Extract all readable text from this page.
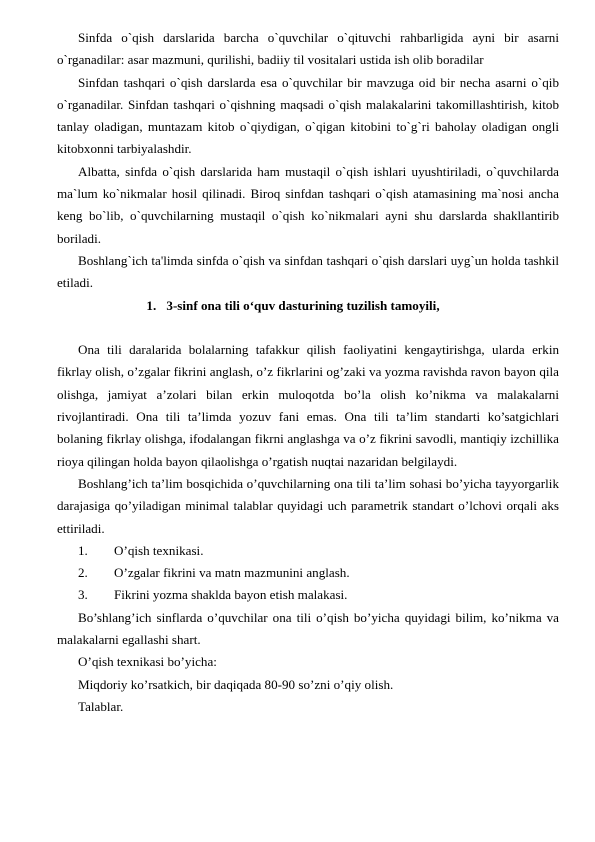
Sinfda o`qish darslarida barcha o`quvchilar o`qituvchi rahbarligida ayni bir asarni o`rganadilar: asar mazmuni, qurilishi, badiiy til vositalari ustida ish olib boradilar

Sinfdan tashqari o`qish darslarda esa o`quvchilar bir mavzuga oid bir necha asarni o`qib o`rganadilar. Sinfdan tashqari o`qishning maqsadi o`qish malakalarini takomillashtirish, kitob tanlay oladigan, muntazam kitob o`qiydigan, o`qigan kitobini to`g`ri baholay oladigan ongli kitobxonni tarbiyalashdir.

Albatta, sinfda o`qish darslarida ham mustaqil o`qish ishlari uyushtiriladi, o`quvchilarda ma`lum ko`nikmalar hosil qilinadi. Biroq sinfdan tashqari o`qish atamasining ma`nosi ancha keng bo`lib, o`quvchilarning mustaqil o`qish ko`nikmalari ayni shu darslarda shakllantirib boriladi.

Boshlang`ich ta'limda sinfda o`qish va sinfdan tashqari o`qish darslari uyg`un holda tashkil etiladi.

1. 3-sinf ona tili o‘quv dasturining tuzilish tamoyili,

Ona tili daralarida bolalarning tafakkur qilish faoliyatini kengaytirishga, ularda erkin fikrlay olish, o’zgalar fikrini anglash, o’z fikrlarini og’zaki va yozma ravishda ravon bayon qila olishga, jamiyat a’zolari bilan erkin muloqotda bo’la olish ko’nikma va malakalarni rivojlantiradi. Ona tili ta’limda yozuv fani emas. Ona tili ta’lim standarti ko’satgichlari bolaning fikrlay olishga, ifodalangan fikrni anglashga va o’z fikrini savodli, mantiqiy izchillika rioya qilingan holda bayon qilaolishga o’rgatish nuqtai nazaridan belgilaydi.

Boshlang’ich ta’lim bosqichida o’quvchilarning ona tili ta’lim sohasi bo’yicha tayyorgarlik darajasiga qo’yiladigan minimal talablar quyidagi uch parametrik standart o’lchovi orqali aks ettiriladi.

1. O’qish texnikasi.

2. O’zgalar fikrini va matn mazmunini anglash.

3. Fikrini yozma shaklda bayon etish malakasi.

Bo’shlang’ich sinflarda o’quvchilar ona tili o’qish bo’yicha quyidagi bilim, ko’nikma va malakalarni egallashi shart.

O’qish texnikasi bo’yicha:

Miqdoriy ko’rsatkich, bir daqiqada 80-90 so’zni o’qiy olish.

Talablar.
